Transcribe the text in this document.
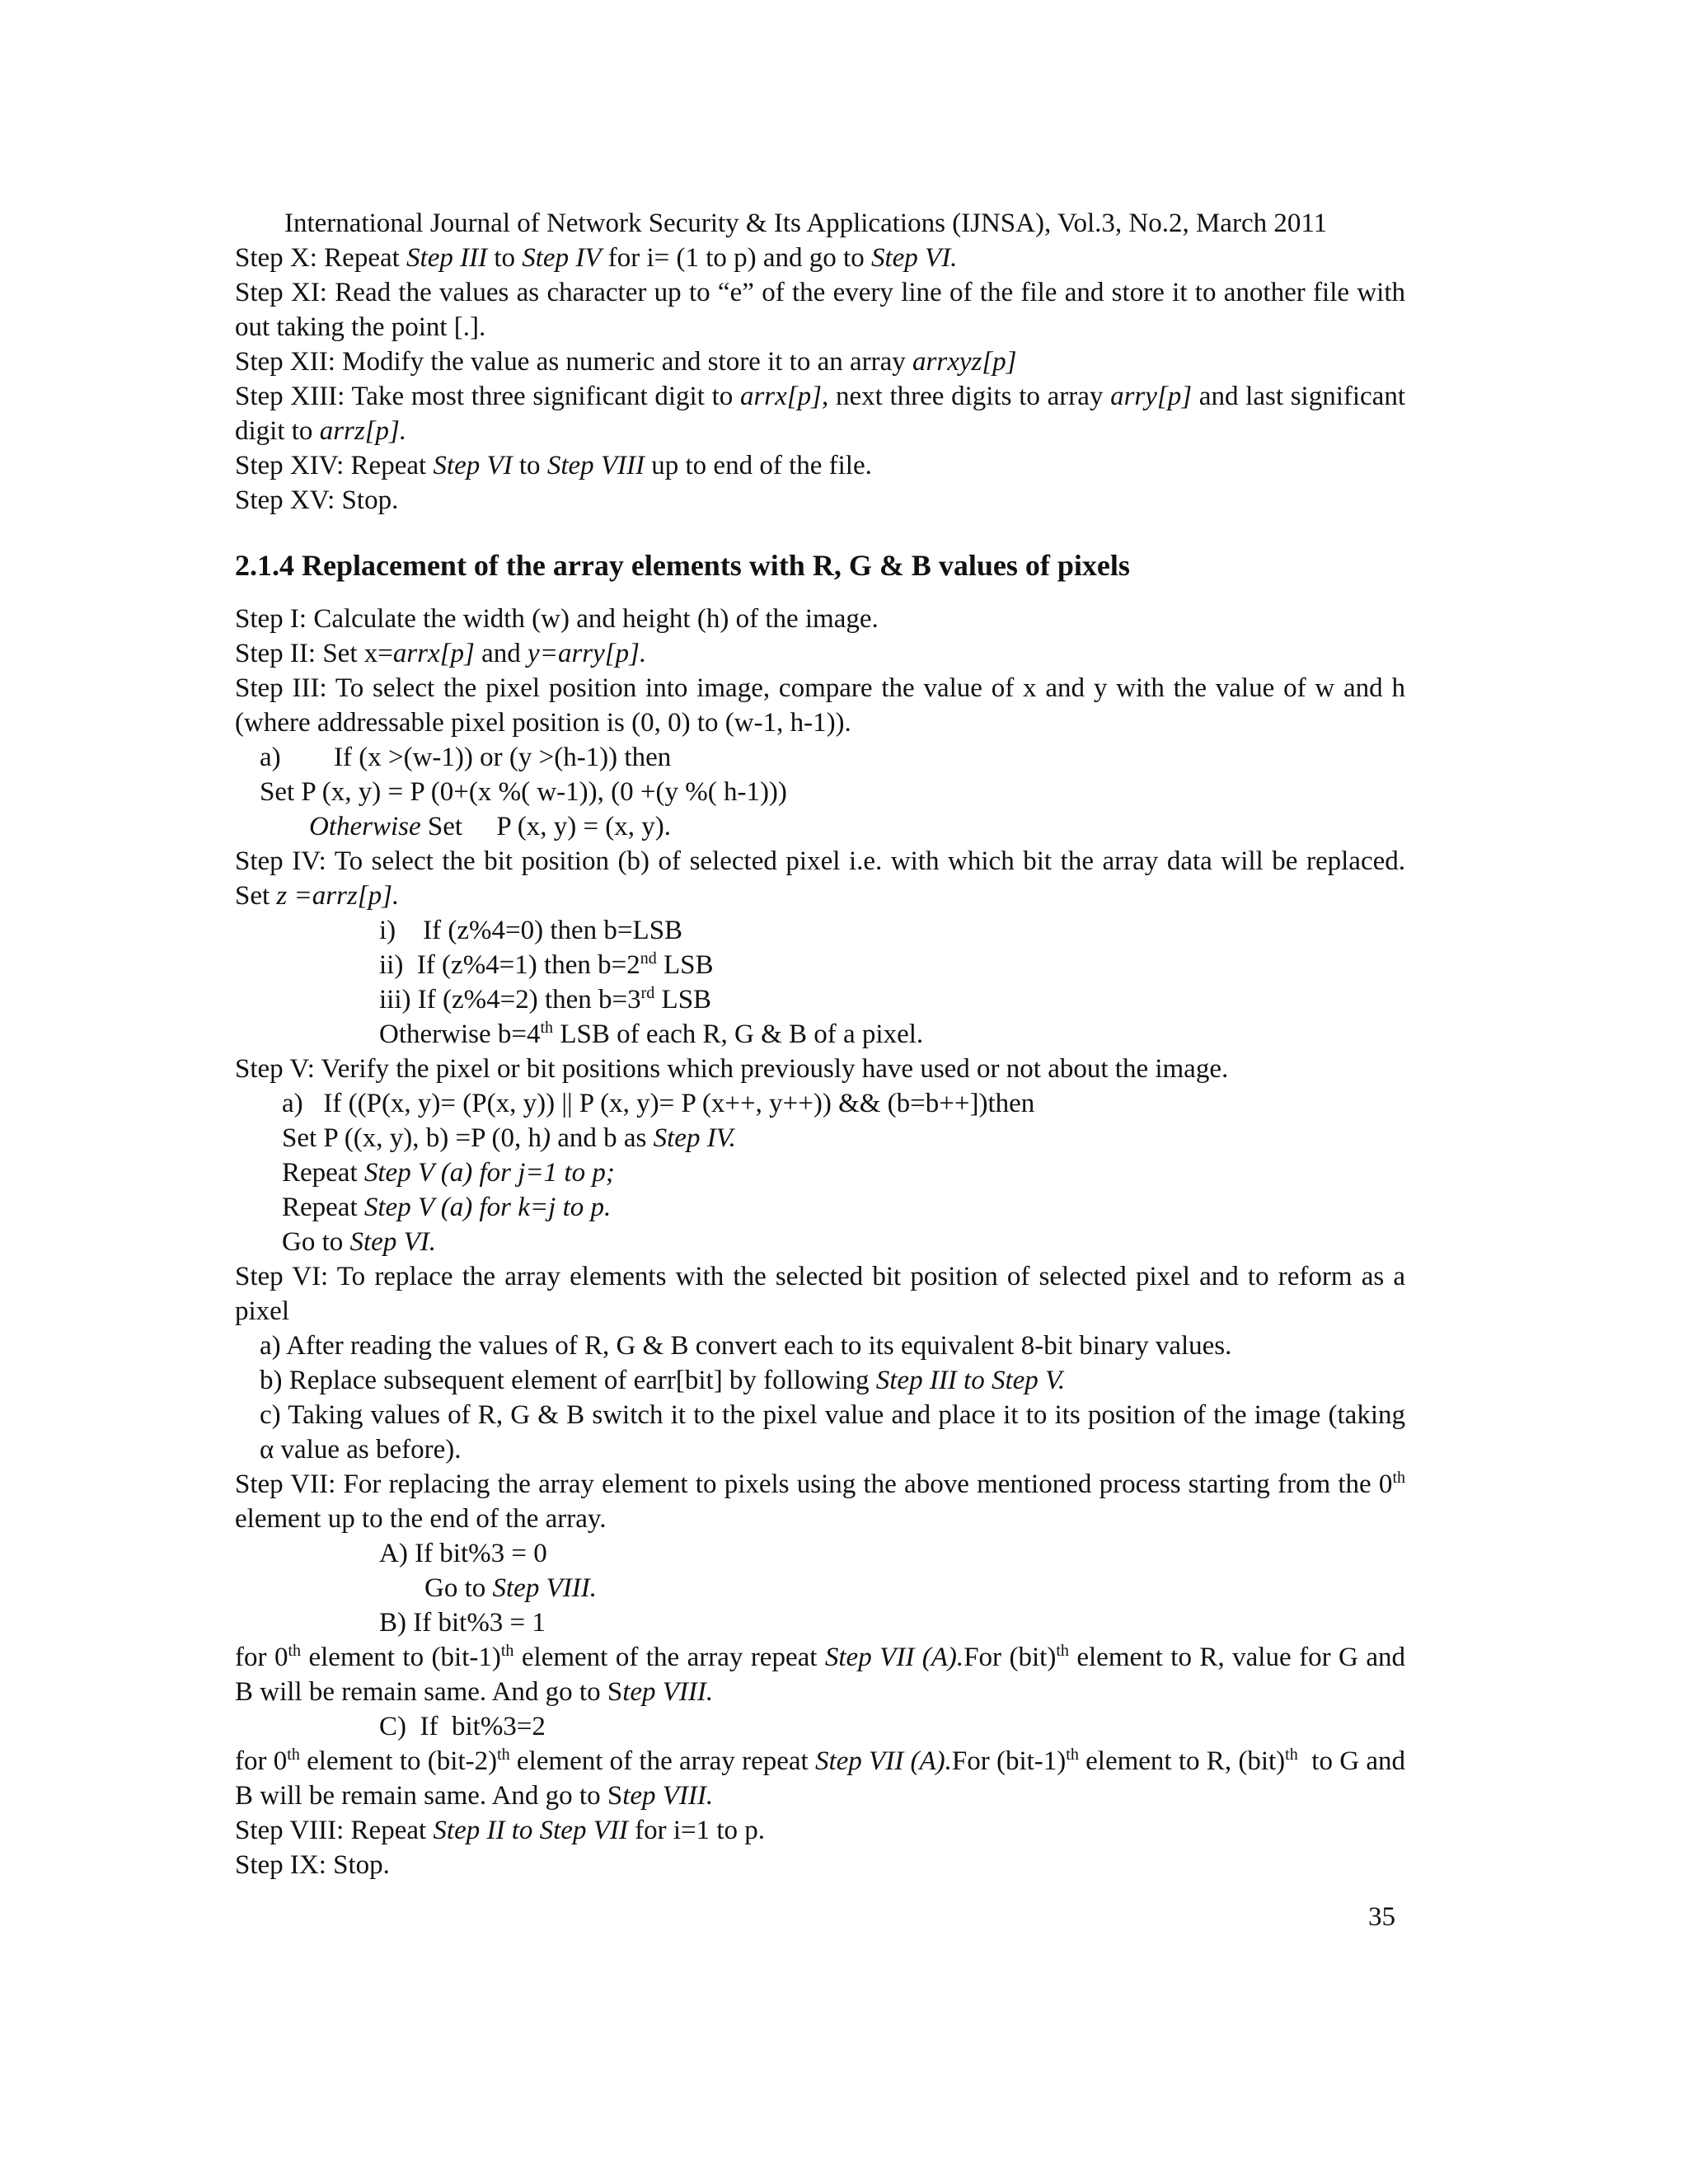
International Journal of Network Security & Its Applications (IJNSA), Vol.3, No.2, March 2011

Step X: Repeat Step III to Step IV for i= (1 to p) and go to Step VI.

Step XI: Read the values as character up to “e” of the every line of the file and store it to another file with out taking the point [.].

Step XII: Modify the value as numeric and store it to an array arrxyz[p]

Step XIII: Take most three significant digit to arrx[p], next three digits to array arry[p] and last significant digit to arrz[p].

Step XIV: Repeat Step VI to Step VIII up to end of the file.

Step XV: Stop.

2.1.4 Replacement of the array elements with R, G & B values of pixels

Step I: Calculate the width (w) and height (h) of the image.

Step II: Set x=arrx[p] and y=arry[p].

Step III: To select the pixel position into image, compare the value of x and y with the value of w and h (where addressable pixel position is (0, 0) to (w-1, h-1)).

a) If (x >(w-1)) or (y >(h-1)) then

Set P (x, y) = P (0+(x %( w-1)), (0 +(y %( h-1)))

Otherwise Set     P (x, y) = (x, y).

Step IV: To select the bit position (b) of selected pixel i.e. with which bit the array data will be replaced. Set z =arrz[p].

i)    If (z%4=0) then b=LSB

ii)  If (z%4=1) then b=2nd LSB

iii) If (z%4=2) then b=3rd LSB

Otherwise b=4th LSB of each R, G & B of a pixel.

Step V: Verify the pixel or bit positions which previously have used or not about the image.

a)   If ((P(x, y)= (P(x, y)) || P (x, y)= P (x++, y++)) && (b=b++])then

Set P ((x, y), b) =P (0, h) and b as Step IV.

Repeat Step V (a) for j=1 to p;

Repeat Step V (a) for k=j to p.

Go to Step VI.

Step VI: To replace the array elements with the selected bit position of selected pixel and to reform as a pixel

a) After reading the values of R, G & B convert each to its equivalent 8-bit binary values.

b) Replace subsequent element of earr[bit] by following Step III to Step V.

c) Taking values of R, G & B switch it to the pixel value and place it to its position of the image (taking α value as before).

Step VII: For replacing the array element to pixels using the above mentioned process starting from the 0th element up to the end of the array.

A) If bit%3 = 0

Go to Step VIII.

B) If bit%3 = 1

for 0th element to $(bit-1)^{th}$ element of the array repeat Step VII (A).For (bit)$^{th}$ element to R, value for G and B will be remain same. And go to Step VIII.

C)  If  bit%3=2

for 0th element to $(bit-2)^{th}$ element of the array repeat Step VII (A).For $(bit-1)^{th}$ element to R, (bit)$^{th}$  to G and B will be remain same. And go to Step VIII.

Step VIII: Repeat Step II to Step VII for i=1 to p.

Step IX: Stop.

35
